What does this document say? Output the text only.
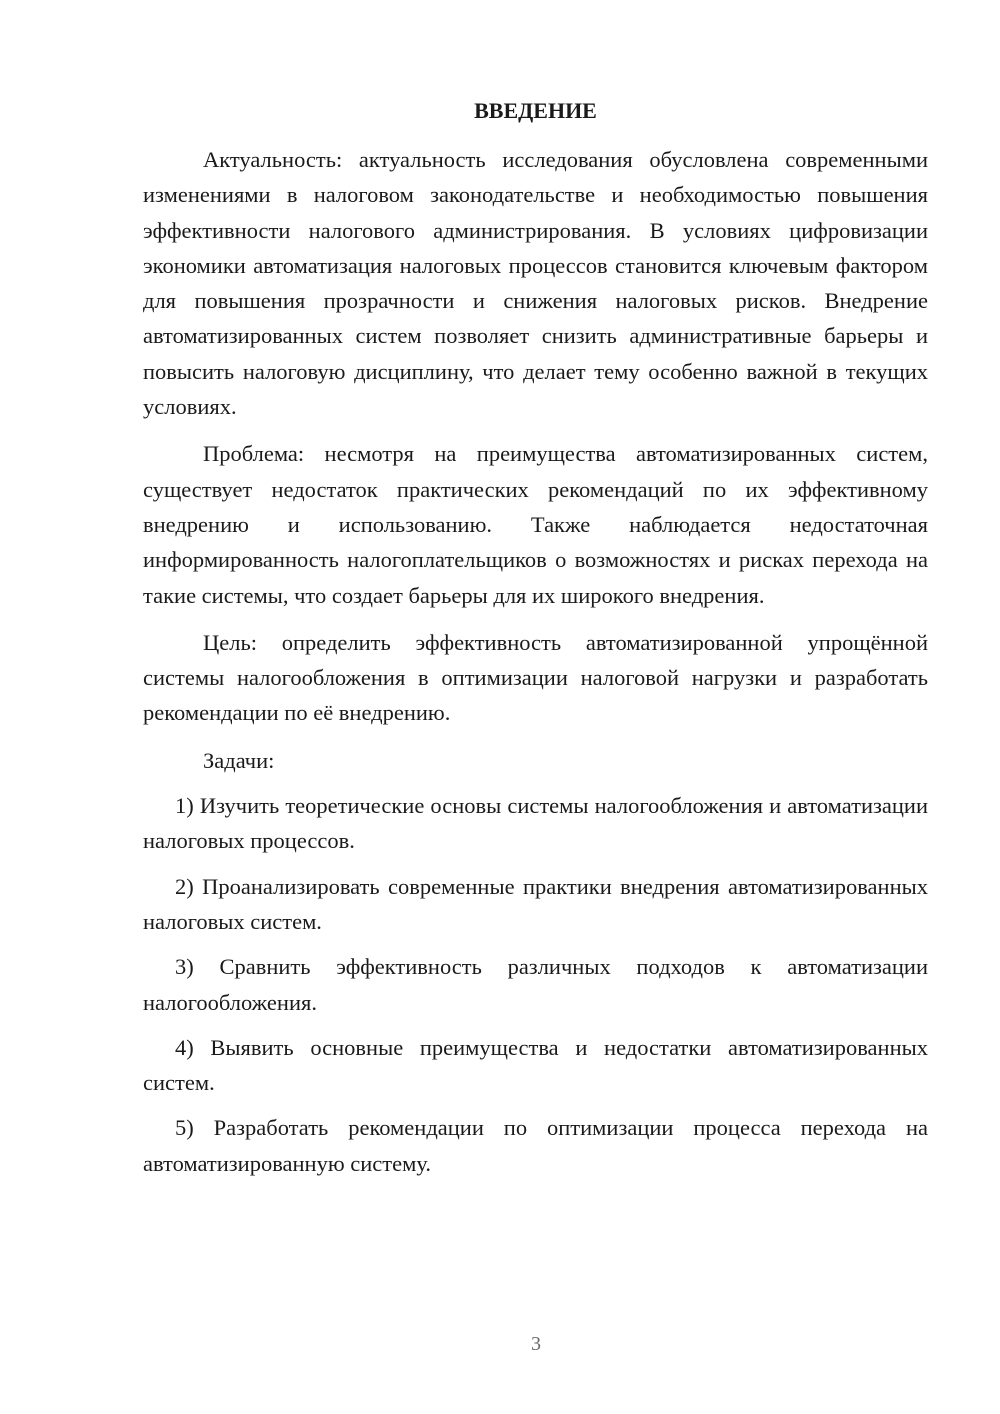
ВВЕДЕНИЕ

Актуальность: актуальность исследования обусловлена современными изменениями в налоговом законодательстве и необходимостью повышения эффективности налогового администрирования. В условиях цифровизации экономики автоматизация налоговых процессов становится ключевым фактором для повышения прозрачности и снижения налоговых рисков. Внедрение автоматизированных систем позволяет снизить административные барьеры и повысить налоговую дисциплину, что делает тему особенно важной в текущих условиях.

Проблема: несмотря на преимущества автоматизированных систем, существует недостаток практических рекомендаций по их эффективному внедрению и использованию. Также наблюдается недостаточная информированность налогоплательщиков о возможностях и рисках перехода на такие системы, что создает барьеры для их широкого внедрения.

Цель: определить эффективность автоматизированной упрощённой системы налогообложения в оптимизации налоговой нагрузки и разработать рекомендации по её внедрению.

Задачи:

1) Изучить теоретические основы системы налогообложения и автоматизации налоговых процессов.

2) Проанализировать современные практики внедрения автоматизированных налоговых систем.

3) Сравнить эффективность различных подходов к автоматизации налогообложения.

4) Выявить основные преимущества и недостатки автоматизированных систем.

5) Разработать рекомендации по оптимизации процесса перехода на автоматизированную систему.

3
